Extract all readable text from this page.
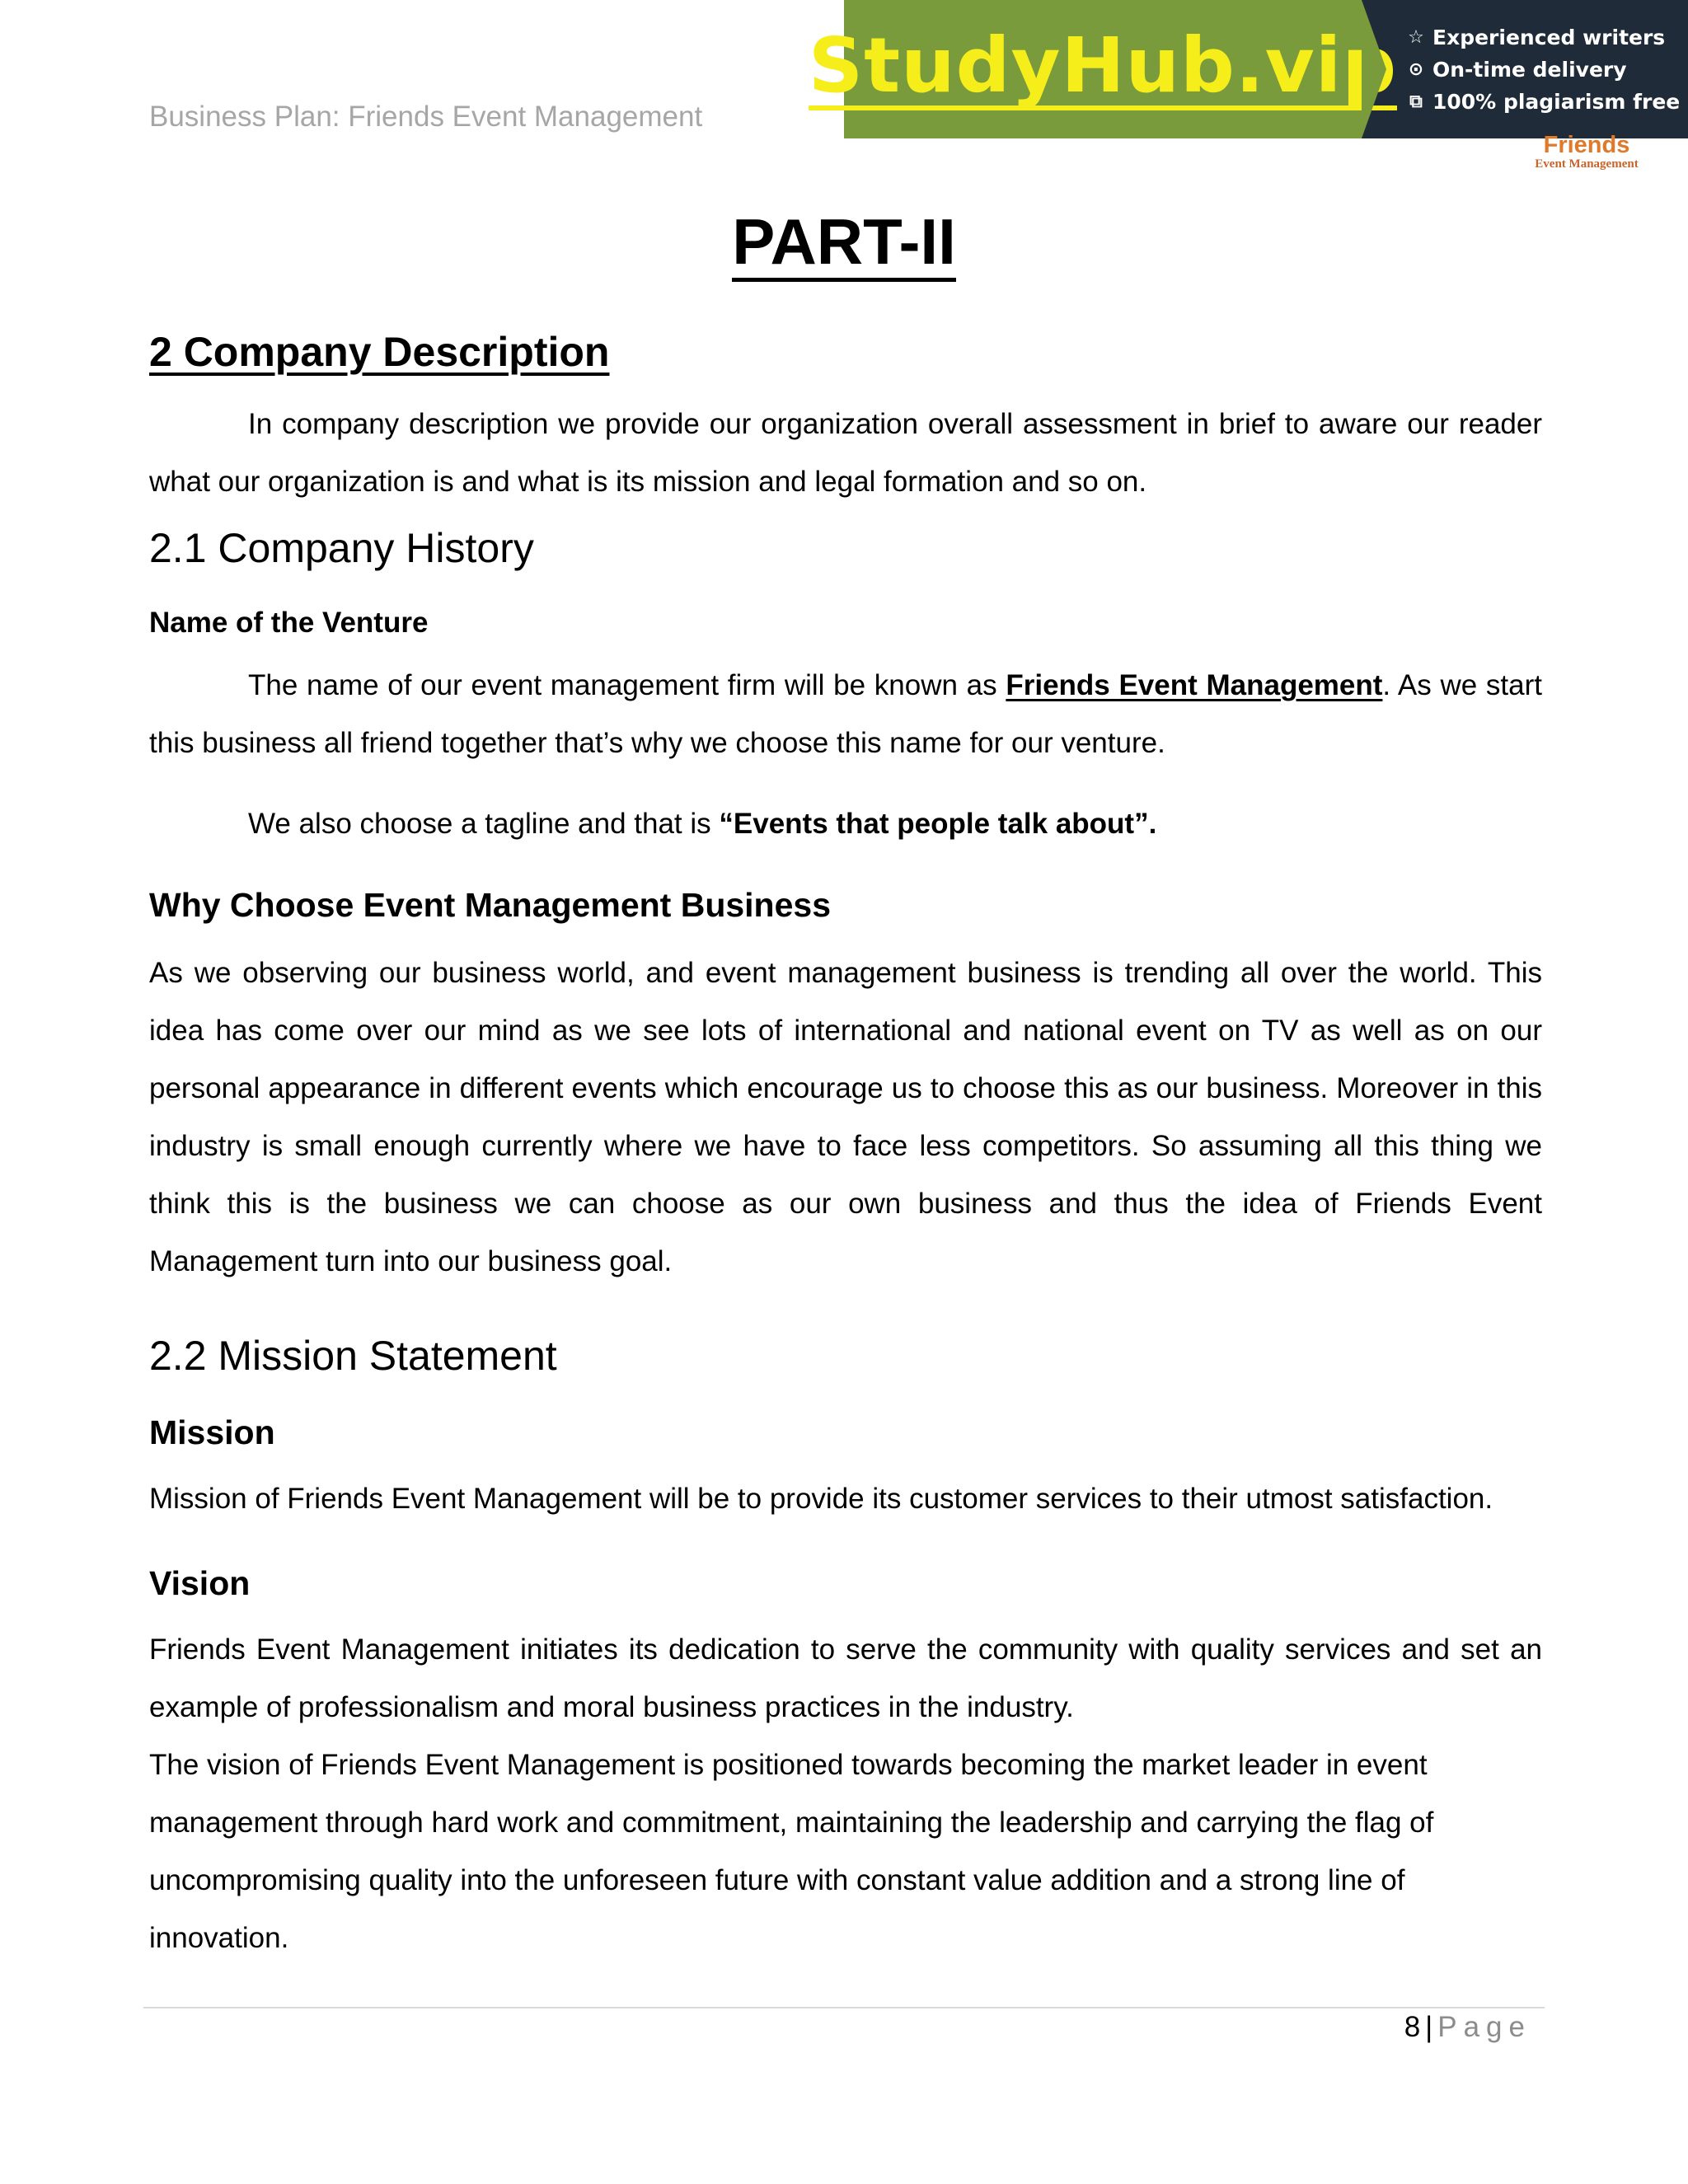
Business Plan: Friends Event Management
StudyHub.vip ☆ Experienced writers
⊙ On-time delivery
⧉ 100% plagiarism free
Friends
Event Management
PART-II
2 Company Description
In company description we provide our organization overall assessment in brief to aware our reader what our organization is and what is its mission and legal formation and so on.
2.1 Company History
Name of the Venture
The name of our event management firm will be known as Friends Event Management. As we start this business all friend together that’s why we choose this name for our venture.
We also choose a tagline and that is “Events that people talk about”.
Why Choose Event Management Business
As we observing our business world, and event management business is trending all over the world. This idea has come over our mind as we see lots of international and national event on TV as well as on our personal appearance in different events which encourage us to choose this as our business. Moreover in this industry is small enough currently where we have to face less competitors. So assuming all this thing we think this is the business we can choose as our own business and thus the idea of Friends Event Management turn into our business goal.
2.2 Mission Statement
Mission
Mission of Friends Event Management will be to provide its customer services to their utmost satisfaction.
Vision
Friends Event Management initiates its dedication to serve the community with quality services and set an example of professionalism and moral business practices in the industry.
The vision of Friends Event Management is positioned towards becoming the market leader in event management through hard work and commitment, maintaining the leadership and carrying the flag of uncompromising quality into the unforeseen future with constant value addition and a strong line of innovation.
8 | Page
